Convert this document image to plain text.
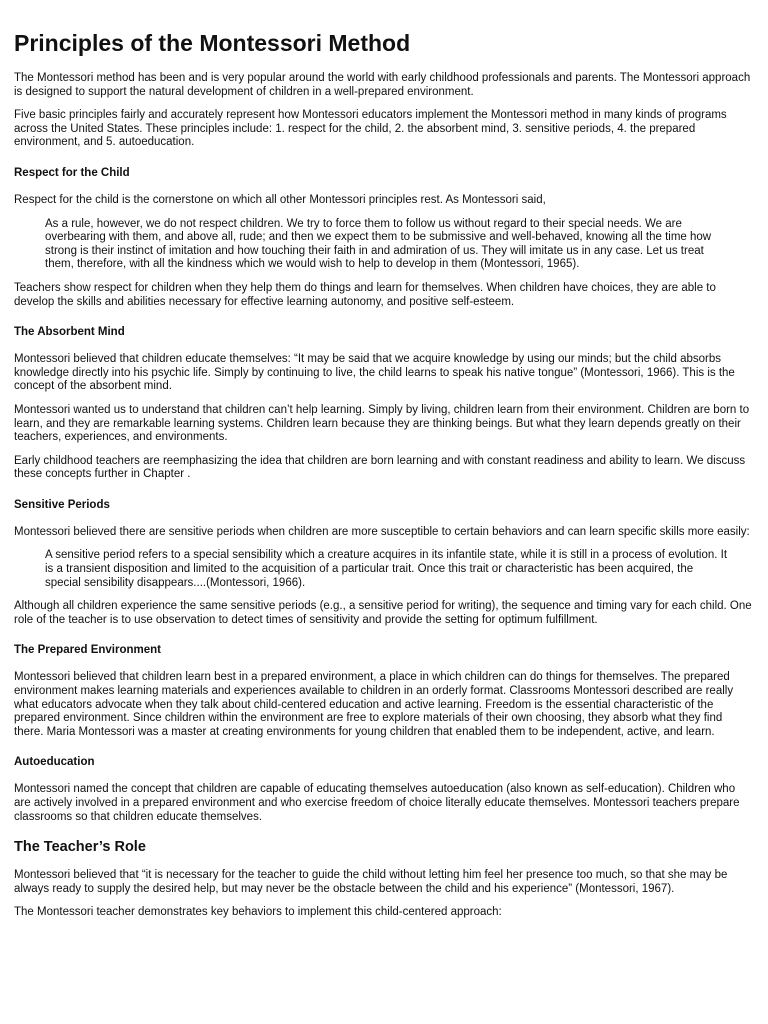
Principles of the Montessori Method

The Montessori method has been and is very popular around the world with early childhood professionals and parents. The Montessori approach is designed to support the natural development of children in a well-prepared environment.

Five basic principles fairly and accurately represent how Montessori educators implement the Montessori method in many kinds of programs across the United States. These principles include: 1. respect for the child, 2. the absorbent mind, 3. sensitive periods, 4. the prepared environment, and 5. autoeducation.

Respect for the Child

Respect for the child is the cornerstone on which all other Montessori principles rest. As Montessori said,

As a rule, however, we do not respect children. We try to force them to follow us without regard to their special needs. We are overbearing with them, and above all, rude; and then we expect them to be submissive and well-behaved, knowing all the time how strong is their instinct of imitation and how touching their faith in and admiration of us. They will imitate us in any case. Let us treat them, therefore, with all the kindness which we would wish to help to develop in them (Montessori, 1965).

Teachers show respect for children when they help them do things and learn for themselves. When children have choices, they are able to develop the skills and abilities necessary for effective learning autonomy, and positive self-esteem.

The Absorbent Mind

Montessori believed that children educate themselves: “It may be said that we acquire knowledge by using our minds; but the child absorbs knowledge directly into his psychic life. Simply by continuing to live, the child learns to speak his native tongue” (Montessori, 1966). This is the concept of the absorbent mind.

Montessori wanted us to understand that children can’t help learning. Simply by living, children learn from their environment. Children are born to learn, and they are remarkable learning systems. Children learn because they are thinking beings. But what they learn depends greatly on their teachers, experiences, and environments.

Early childhood teachers are reemphasizing the idea that children are born learning and with constant readiness and ability to learn. We discuss these concepts further in Chapter .

Sensitive Periods

Montessori believed there are sensitive periods when children are more susceptible to certain behaviors and can learn specific skills more easily:

A sensitive period refers to a special sensibility which a creature acquires in its infantile state, while it is still in a process of evolution. It is a transient disposition and limited to the acquisition of a particular trait. Once this trait or characteristic has been acquired, the special sensibility disappears....(Montessori, 1966).

Although all children experience the same sensitive periods (e.g., a sensitive period for writing), the sequence and timing vary for each child. One role of the teacher is to use observation to detect times of sensitivity and provide the setting for optimum fulfillment.

The Prepared Environment

Montessori believed that children learn best in a prepared environment, a place in which children can do things for themselves. The prepared environment makes learning materials and experiences available to children in an orderly format. Classrooms Montessori described are really what educators advocate when they talk about child-centered education and active learning. Freedom is the essential characteristic of the prepared environment. Since children within the environment are free to explore materials of their own choosing, they absorb what they find there. Maria Montessori was a master at creating environments for young children that enabled them to be independent, active, and learn.

Autoeducation

Montessori named the concept that children are capable of educating themselves autoeducation (also known as self-education). Children who are actively involved in a prepared environment and who exercise freedom of choice literally educate themselves. Montessori teachers prepare classrooms so that children educate themselves.

The Teacher’s Role

Montessori believed that “it is necessary for the teacher to guide the child without letting him feel her presence too much, so that she may be always ready to supply the desired help, but may never be the obstacle between the child and his experience” (Montessori, 1967).

The Montessori teacher demonstrates key behaviors to implement this child-centered approach:
